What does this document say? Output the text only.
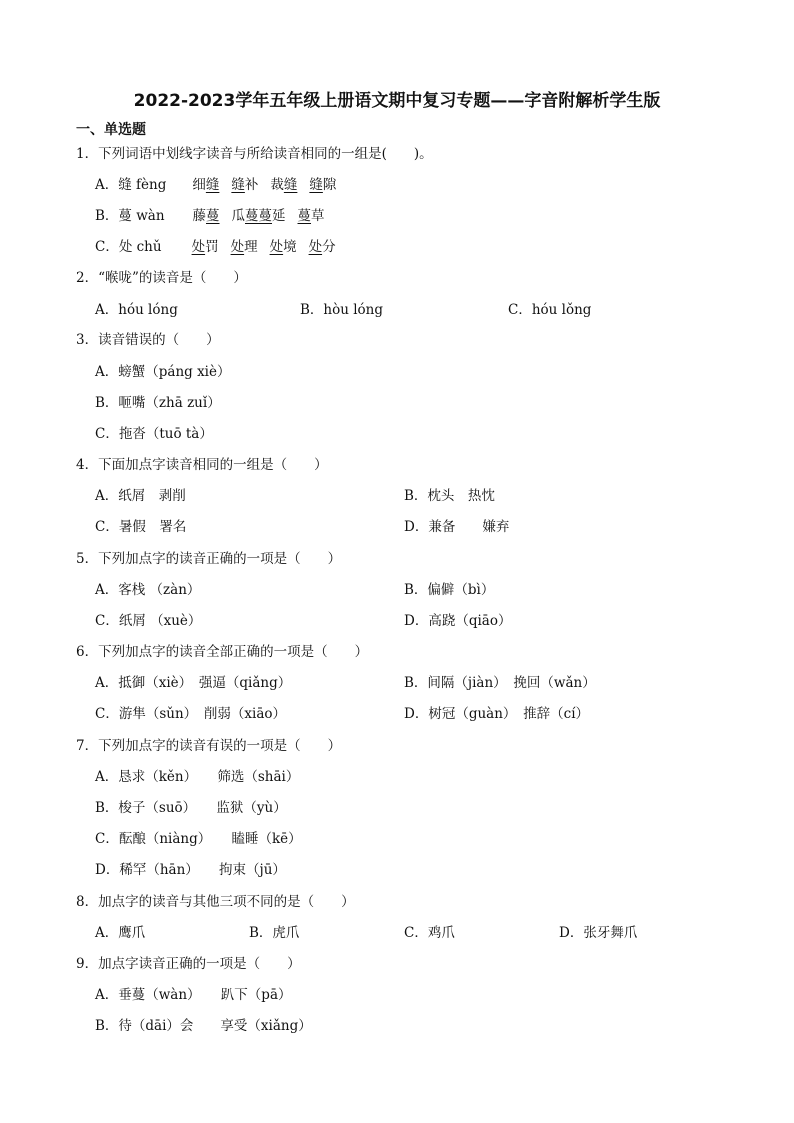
2022-2023学年五年级上册语文期中复习专题——字音附解析学生版
一、单选题
1．下列词语中划线字读音与所给读音相同的一组是(　　)。
A．缝 fèng 细缝 缝补 裁缝 缝隙
B．蔓 wàn 藤蔓 瓜蔓蔓延 蔓草
C．处 chǔ 处罚 处理 处境 处分
2．“喉咙”的读音是（　　）
A．hóu lóng	B．hòu lóng	C．hóu lǒng
3．读音错误的（　　）
A．螃蟹（páng xiè）
B．咂嘴（zhā zuǐ）
C．拖沓（tuō tà）
4．下面加点字读音相同的一组是（　　）
A．纸屑　剥削	B．枕头　热忱
C．暑假　署名	D．兼备　　嫌弃
5．下列加点字的读音正确的一项是（　　）
A．客栈 （zàn）	B．偏僻（bì）
C．纸屑 （xuè）	D．高跷（qiāo）
6．下列加点字的读音全部正确的一项是（　　）
A．抵御（xiè）　强逼（qiǎng）	B．间隔（jiàn）　挽回（wǎn）
C．游隼（sǔn）　削弱（xiāo）	D．树冠（guàn）　推辞（cí）
7．下列加点字的读音有误的一项是（　　）
A．恳求（kěn）　　筛选（shāi）
B．梭子（suō）　　监狱（yù）
C．酝酿（niàng）　　瞌睡（kē）
D．稀罕（hān）　　拘束（jū）
8．加点字的读音与其他三项不同的是（　　）
A．鹰爪	B．虎爪	C．鸡爪	D．张牙舞爪
9．加点字读音正确的一项是（　　）
A．垂蔓（wàn）　　趴下（pā）
B．待（dāi）会　　享受（xiǎng）
